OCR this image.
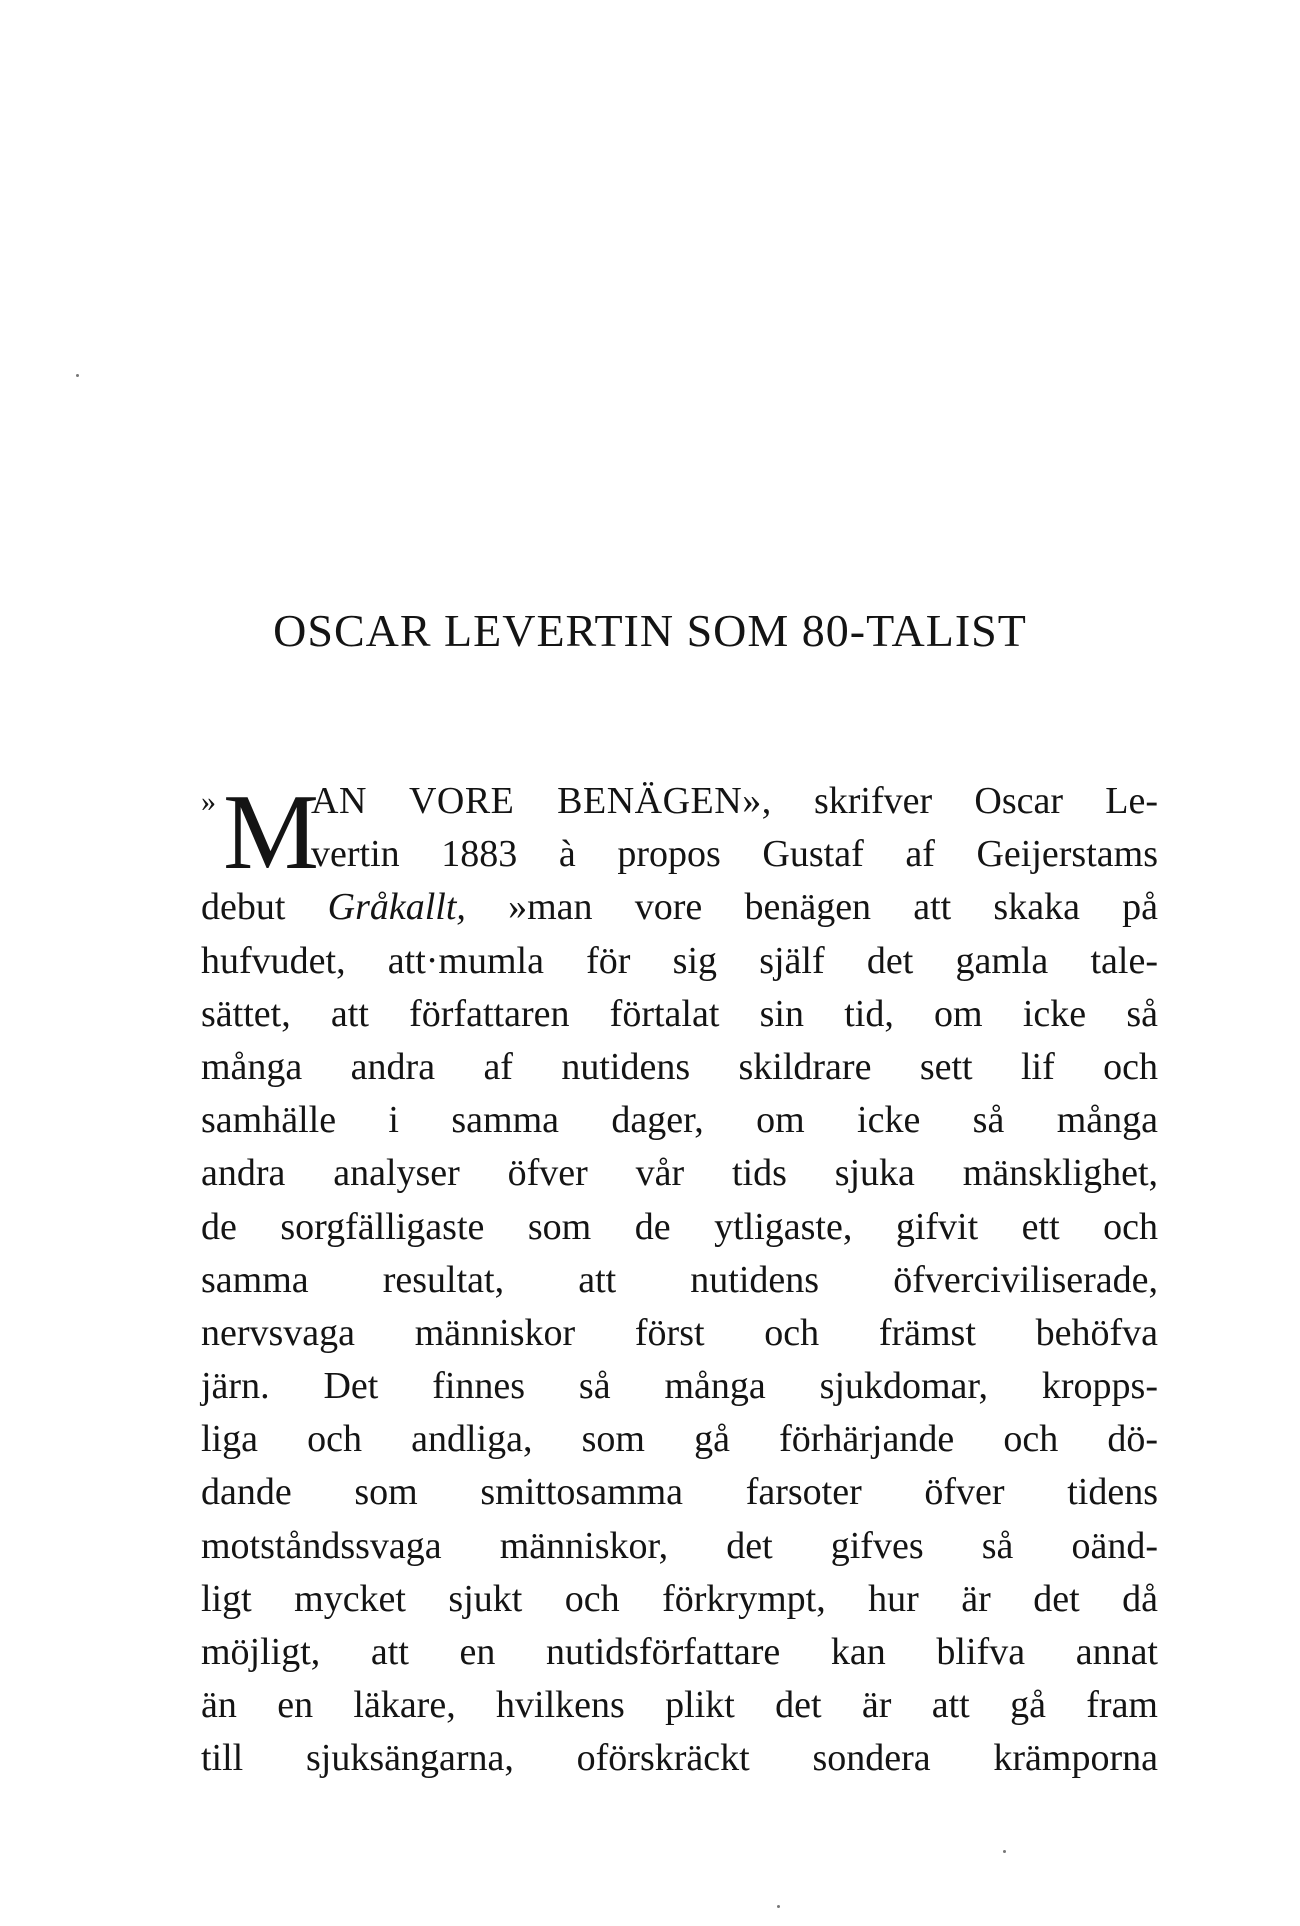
OSCAR LEVERTIN SOM 80-TALIST
» M
AN VORE BENÄGEN», skrifver Oscar Le-
vertin 1883 à propos Gustaf af Geijerstams
debut Gråkallt, »man vore benägen att skaka på
hufvudet, att·mumla för sig själf det gamla tale-
sättet, att författaren förtalat sin tid, om icke så
många andra af nutidens skildrare sett lif och
samhälle i samma dager, om icke så många
andra analyser öfver vår tids sjuka mänsklighet,
de sorgfälligaste som de ytligaste, gifvit ett och
samma resultat, att nutidens öfverciviliserade,
nervsvaga människor först och främst behöfva
järn. Det finnes så många sjukdomar, kropps-
liga och andliga, som gå förhärjande och dö-
dande som smittosamma farsoter öfver tidens
motståndssvaga människor, det gifves så oänd-
ligt mycket sjukt och förkrympt, hur är det då
möjligt, att en nutidsförfattare kan blifva annat
än en läkare, hvilkens plikt det är att gå fram
till sjuksängarna, oförskräckt sondera krämporna
